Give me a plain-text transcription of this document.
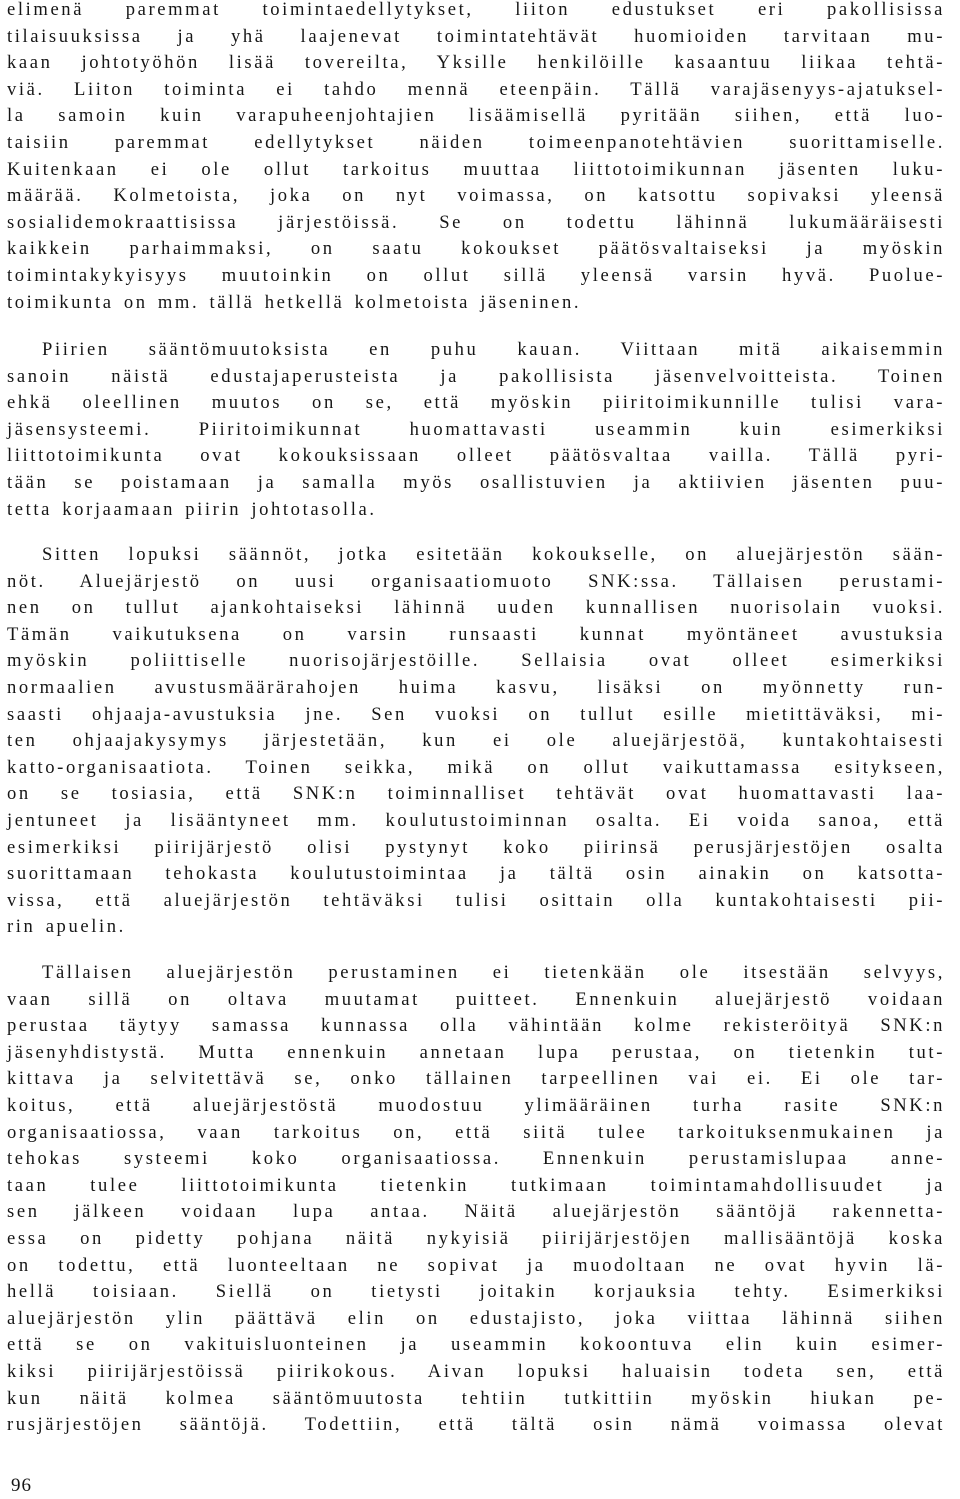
elimenä paremmat toimintaedellytykset, liiton edustukset eri pakollisissa
tilaisuuksissa ja yhä laajenevat toimintatehtävät huomioiden tarvitaan mu-
kaan johtotyöhön lisää tovereilta, Yksille henkilöille kasaantuu liikaa tehtä-
viä. Liiton toiminta ei tahdo mennä eteenpäin. Tällä varajäsenyys-ajatuksel-
la samoin kuin varapuheenjohtajien lisäämisellä pyritään siihen, että luo-
taisiin paremmat edellytykset näiden toimeenpanotehtävien suorittamiselle.
Kuitenkaan ei ole ollut tarkoitus muuttaa liittotoimikunnan jäsenten luku-
määrää. Kolmetoista, joka on nyt voimassa, on katsottu sopivaksi yleensä
sosialidemokraattisissa järjestöissä. Se on todettu lähinnä lukumääräisesti
kaikkein parhaimmaksi, on saatu kokoukset päätösvaltaiseksi ja myöskin
toimintakykyisyys muutoinkin on ollut sillä yleensä varsin hyvä. Puolue-
toimikunta on mm. tällä hetkellä kolmetoista jäseninen.
Piirien sääntömuutoksista en puhu kauan. Viittaan mitä aikaisemmin
sanoin näistä edustajaperusteista ja pakollisista jäsenvelvoitteista. Toinen
ehkä oleellinen muutos on se, että myöskin piiritoimikunnille tulisi vara-
jäsensysteemi. Piiritoimikunnat huomattavasti useammin kuin esimerkiksi
liittotoimikunta ovat kokouksissaan olleet päätösvaltaa vailla. Tällä pyri-
tään se poistamaan ja samalla myös osallistuvien ja aktiivien jäsenten puu-
tetta korjaamaan piirin johtotasolla.
Sitten lopuksi säännöt, jotka esitetään kokoukselle, on aluejärjestön sään-
nöt. Aluejärjestö on uusi organisaatiomuoto SNK:ssa. Tällaisen perustami-
nen on tullut ajankohtaiseksi lähinnä uuden kunnallisen nuorisolain vuoksi.
Tämän vaikutuksena on varsin runsaasti kunnat myöntäneet avustuksia
myöskin poliittiselle nuorisojärjestöille. Sellaisia ovat olleet esimerkiksi
normaalien avustusmäärärahojen huima kasvu, lisäksi on myönnetty run-
saasti ohjaaja-avustuksia jne. Sen vuoksi on tullut esille mietittäväksi, mi-
ten ohjaajakysymys järjestetään, kun ei ole aluejärjestöä, kuntakohtaisesti
katto-organisaatiota. Toinen seikka, mikä on ollut vaikuttamassa esitykseen,
on se tosiasia, että SNK:n toiminnalliset tehtävät ovat huomattavasti laa-
jentuneet ja lisääntyneet mm. koulutustoiminnan osalta. Ei voida sanoa, että
esimerkiksi piirijärjestö olisi pystynyt koko piirinsä perusjärjestöjen osalta
suorittamaan tehokasta koulutustoimintaa ja tältä osin ainakin on katsotta-
vissa, että aluejärjestön tehtäväksi tulisi osittain olla kuntakohtaisesti pii-
rin apuelin.
Tällaisen aluejärjestön perustaminen ei tietenkään ole itsestään selvyys,
vaan sillä on oltava muutamat puitteet. Ennenkuin aluejärjestö voidaan
perustaa täytyy samassa kunnassa olla vähintään kolme rekisteröityä SNK:n
jäsenyhdistystä. Mutta ennenkuin annetaan lupa perustaa, on tietenkin tut-
kittava ja selvitettävä se, onko tällainen tarpeellinen vai ei. Ei ole tar-
koitus, että aluejärjestöstä muodostuu ylimääräinen turha rasite SNK:n
organisaatiossa, vaan tarkoitus on, että siitä tulee tarkoituksenmukainen ja
tehokas systeemi koko organisaatiossa. Ennenkuin perustamislupaa anne-
taan tulee liittotoimikunta tietenkin tutkimaan toimintamahdollisuudet ja
sen jälkeen voidaan lupa antaa. Näitä aluejärjestön sääntöjä rakennetta-
essa on pidetty pohjana näitä nykyisiä piirijärjestöjen mallisääntöjä koska
on todettu, että luonteeltaan ne sopivat ja muodoltaan ne ovat hyvin lä-
hellä toisiaan. Siellä on tietysti joitakin korjauksia tehty. Esimerkiksi
aluejärjestön ylin päättävä elin on edustajisto, joka viittaa lähinnä siihen
että se on vakituisluonteinen ja useammin kokoontuva elin kuin esimer-
kiksi piirijärjestöissä piirikokous. Aivan lopuksi haluaisin todeta sen, että
kun näitä kolmea sääntömuutosta tehtiin tutkittiin myöskin hiukan pe-
rusjärjestöjen sääntöjä. Todettiin, että tältä osin nämä voimassa olevat
96
